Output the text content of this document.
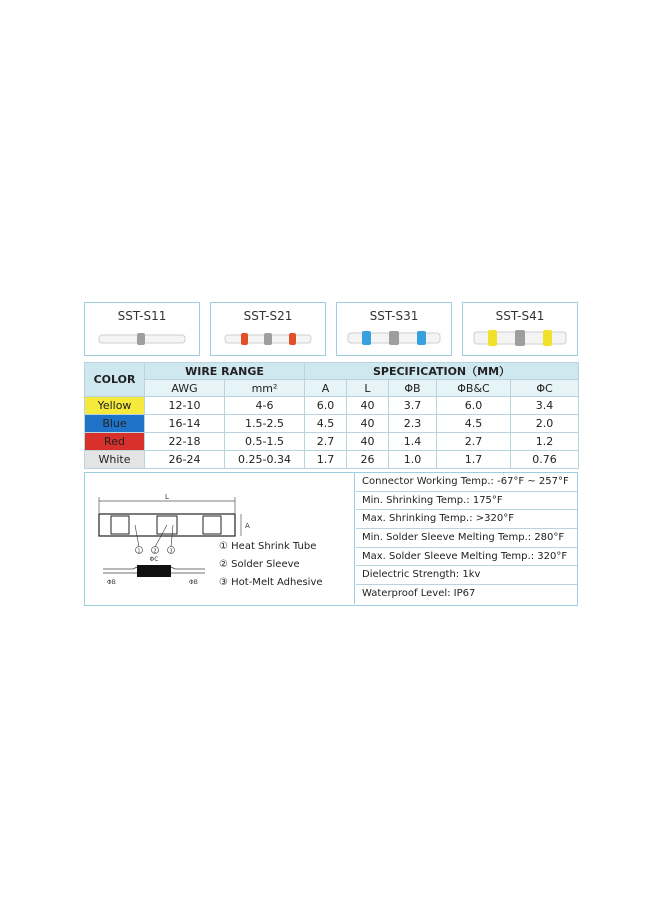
SST-S11	SST-S21	SST-S31	SST-S41
COLOR	WIRE RANGE		SPECIFICATION（MM）				
	AWG	mm²	A	L	ΦB	ΦB&C	ΦC
Yellow	12-10	4-6	6.0	40	3.7	6.0	3.4
Blue	16-14	1.5-2.5	4.5	40	2.3	4.5	2.0
Red	22-18	0.5-1.5	2.7	40	1.4	2.7	1.2
White	26-24	0.25-0.34	1.7	26	1.0	1.7	0.76
L
A
1	2	3
ΦC
ΦB	ΦB
① Heat Shrink Tube
② Solder Sleeve
③ Hot-Melt Adhesive
Connector Working Temp.: -67°F ~ 257°F
Min. Shrinking Temp.: 175°F
Max. Shrinking Temp.: >320°F
Min. Solder Sleeve Melting Temp.: 280°F
Max. Solder Sleeve Melting Temp.: 320°F
Dielectric Strength: 1kv
Waterproof Level: IP67
